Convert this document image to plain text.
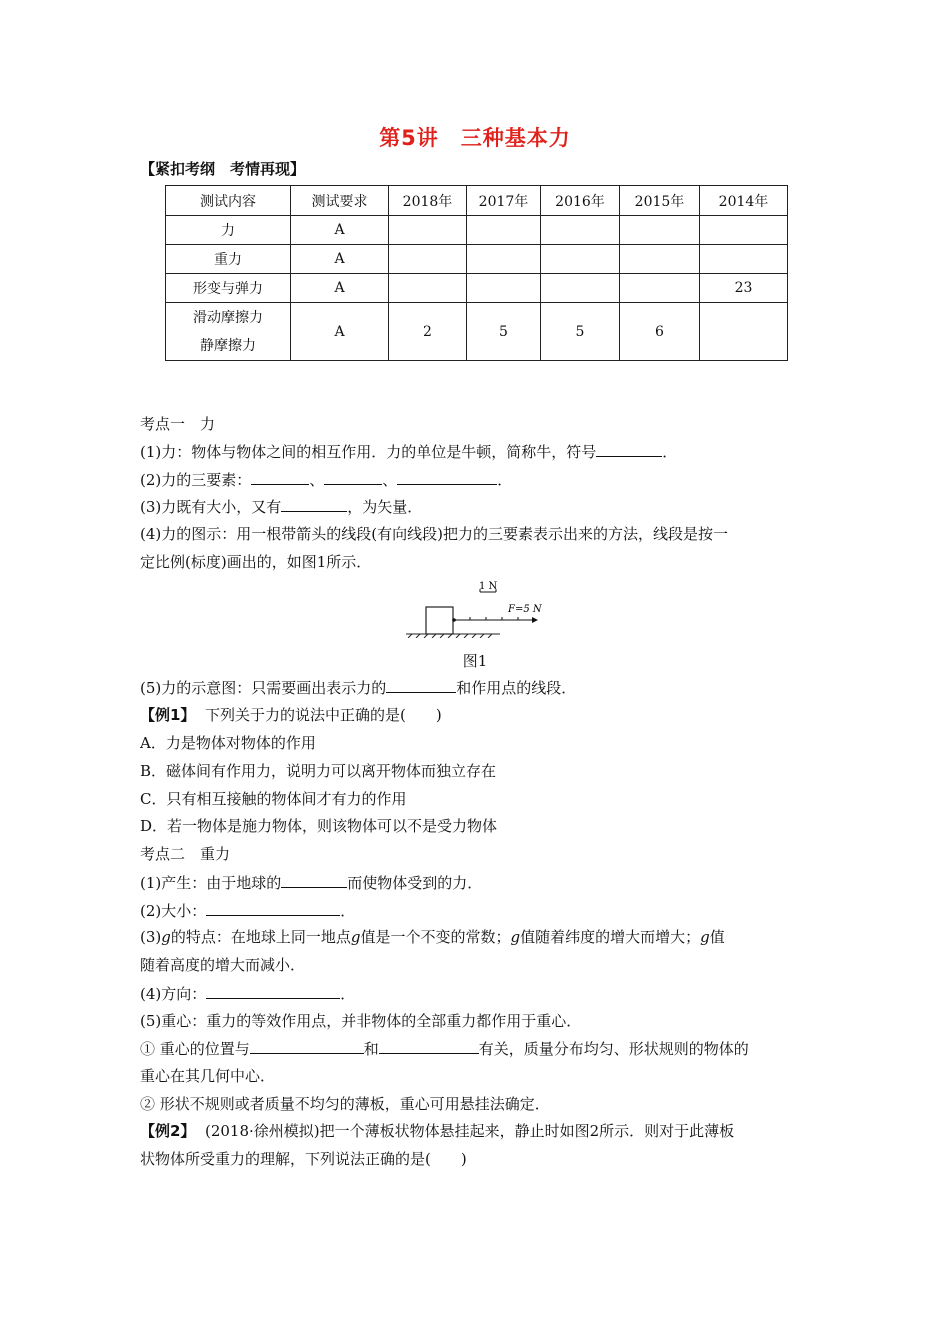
第5讲　三种基本力
【紧扣考纲　考情再现】
测试内容	测试要求	2018年	2017年	2016年	2015年	2014年
力	A					
重力	A					
形变与弹力	A					23

滑动摩擦力
静摩擦力	A	2	5	5	6	
考点一　力
(1)力：物体与物体之间的相互作用．力的单位是牛顿，简称牛，符号	．
(2)力的三要素：	、	、	．
(3)力既有大小，又有	，为矢量．
(4)力的图示：用一根带箭头的线段(有向线段)把力的三要素表示出来的方法，线段是按一
定比例(标度)画出的，如图1所示．
1 N
F=5 N
图1
(5)力的示意图：只需要画出表示力的	和作用点的线段．
【例1】 下列关于力的说法中正确的是(　　)
A．力是物体对物体的作用
B．磁体间有作用力，说明力可以离开物体而独立存在
C．只有相互接触的物体间才有力的作用
D．若一物体是施力物体，则该物体可以不是受力物体
考点二　重力
(1)产生：由于地球的	而使物体受到的力．
(2)大小：	．
(3)g的特点：在地球上同一地点g值是一个不变的常数；g值随着纬度的增大而增大；g值
随着高度的增大而减小．
(4)方向：	．
(5)重心：重力的等效作用点，并非物体的全部重力都作用于重心．
① 重心的位置与	和	有关，质量分布均匀、形状规则的物体的
重心在其几何中心．
② 形状不规则或者质量不均匀的薄板，重心可用悬挂法确定．
【例2】 (2018·徐州模拟)把一个薄板状物体悬挂起来，静止时如图2所示．则对于此薄板
状物体所受重力的理解，下列说法正确的是(　　)
